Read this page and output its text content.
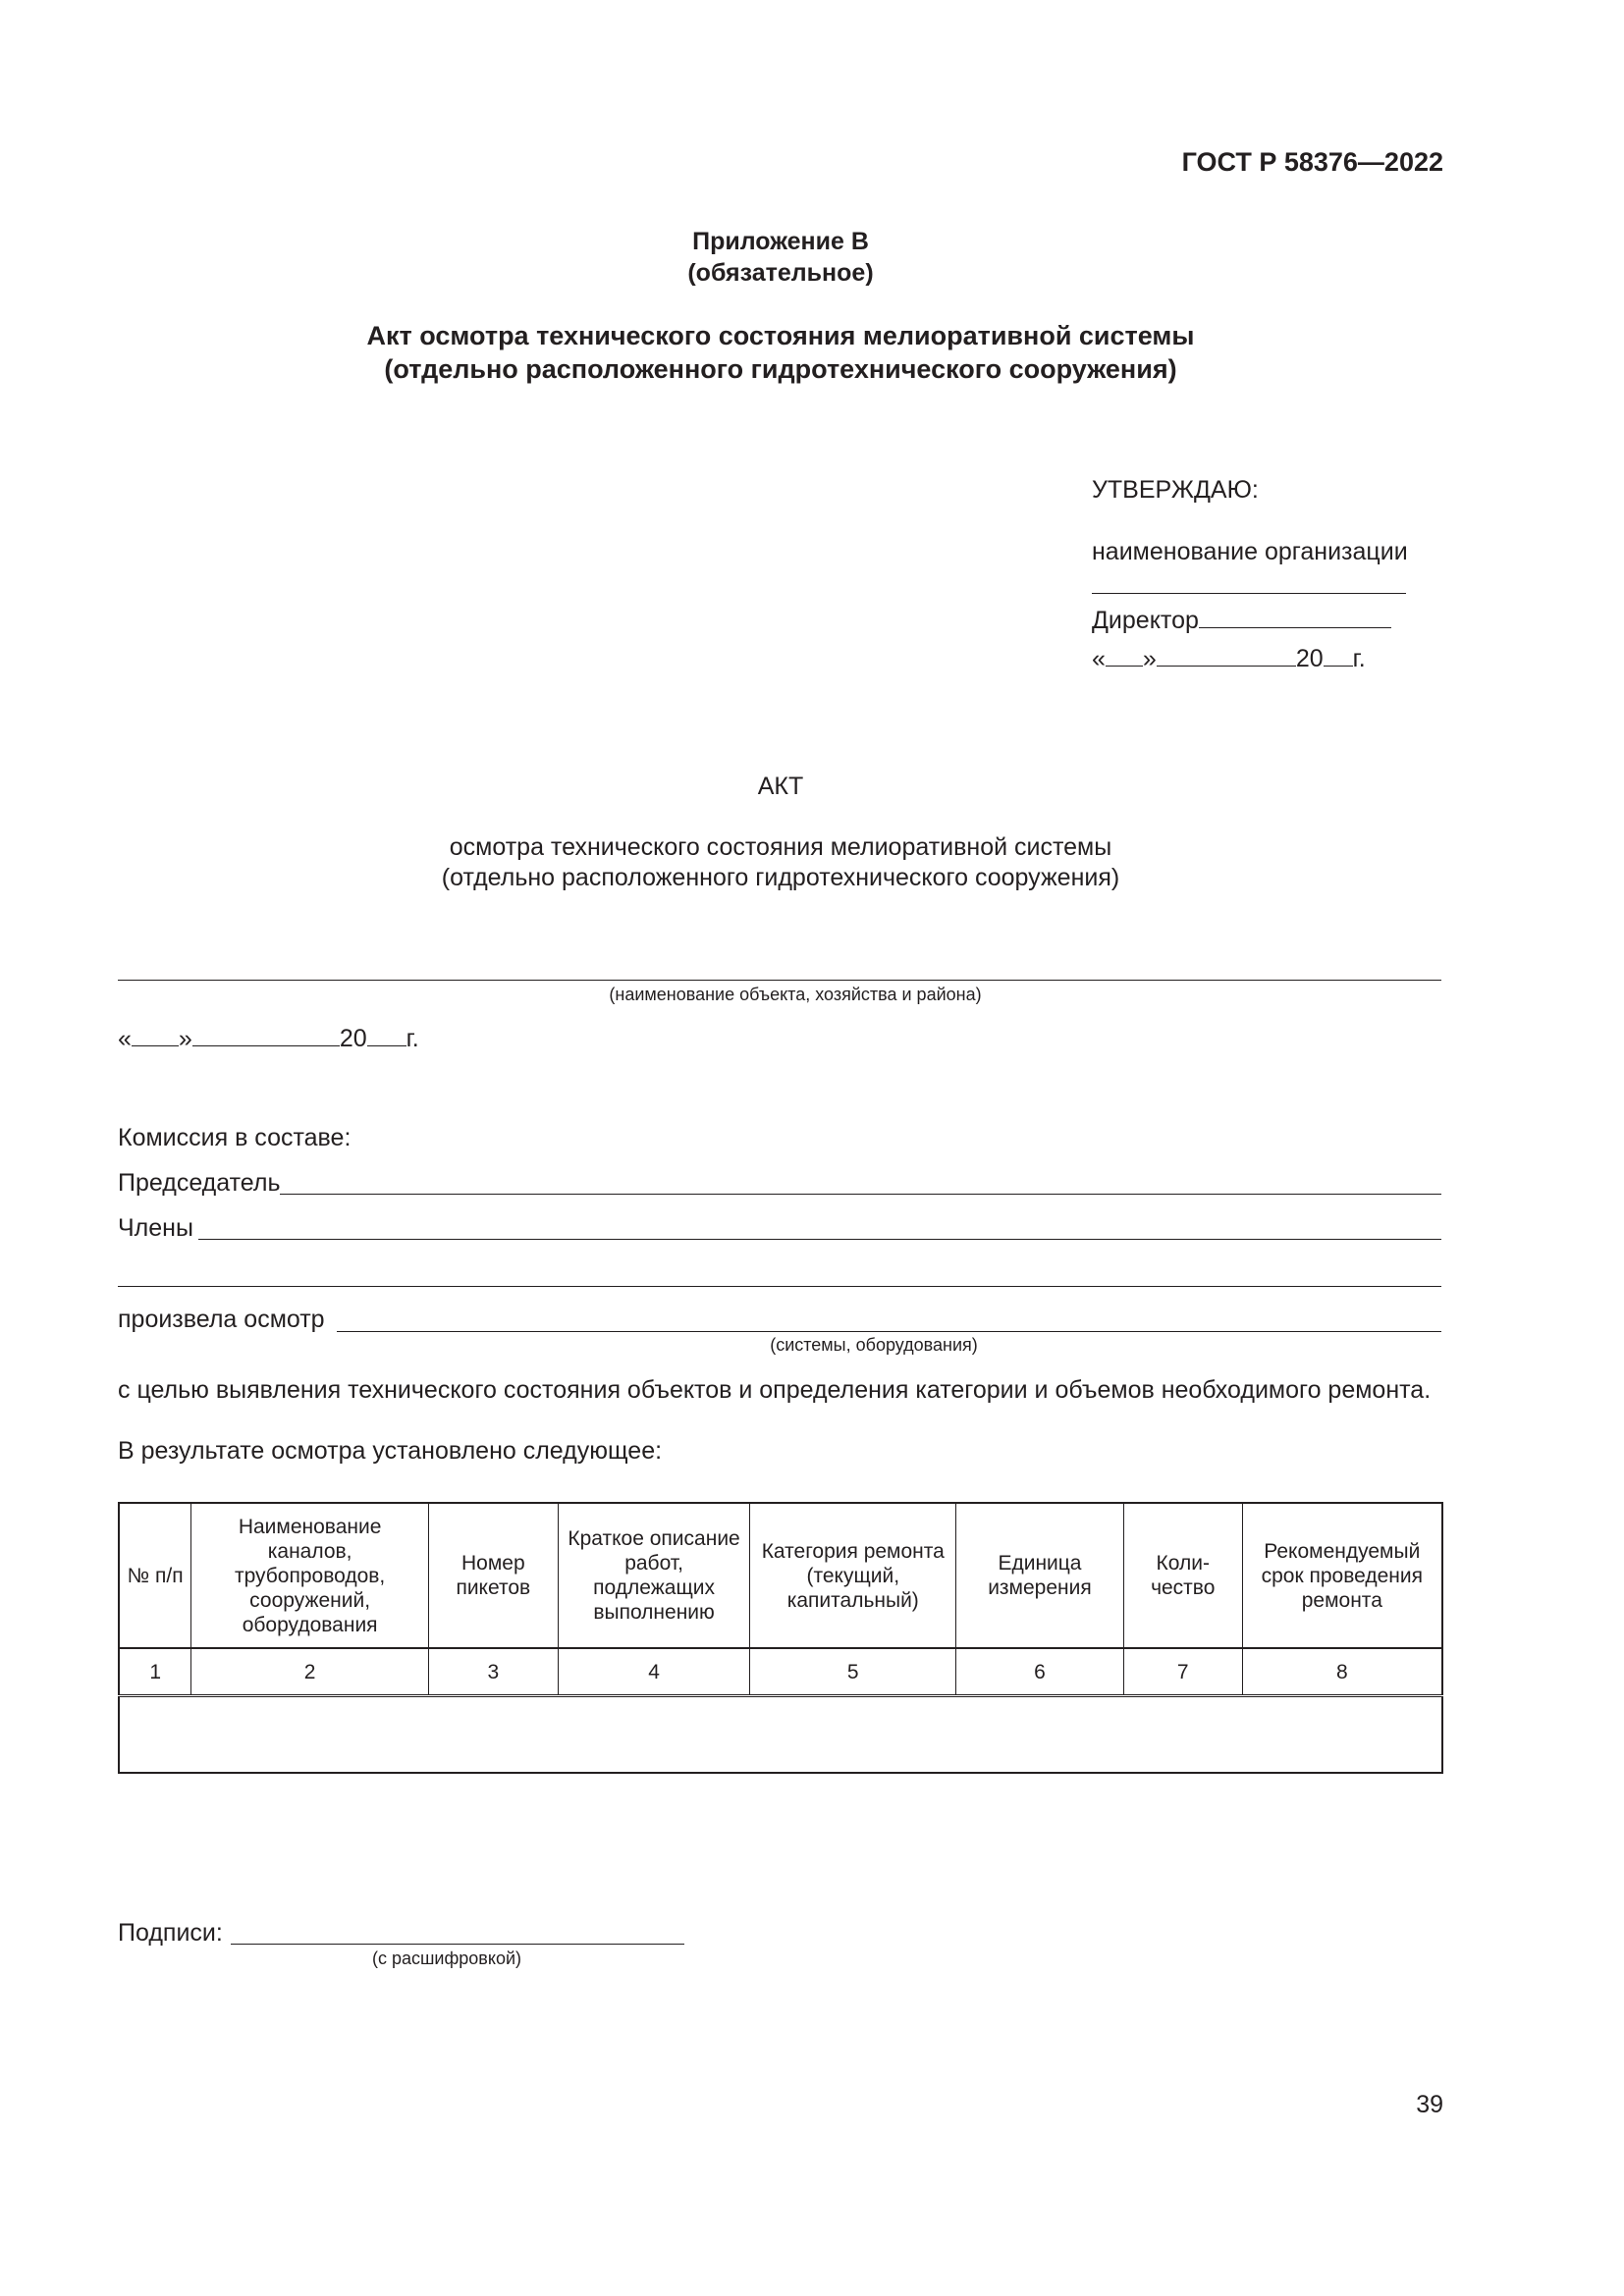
ГОСТ Р 58376—2022
Приложение В
(обязательное)
Акт осмотра технического состояния мелиоративной системы
(отдельно расположенного гидротехнического сооружения)
УТВЕРЖДАЮ:
наименование организации
Директор
« »	20 г.
АКТ
осмотра технического состояния мелиоративной системы
(отдельно расположенного гидротехнического сооружения)
(наименование объекта, хозяйства и района)
« »	20 г.
Комиссия в составе:
Председатель
Члены
произвела осмотр
(системы, оборудования)
с целью выявления технического состояния объектов и определения категории и объемов необходимого ремонта.
В результате осмотра установлено следующее:
№ п/п	Наименование каналов, трубопроводов, сооружений, оборудования	Номер пикетов	Краткое описание работ, подлежащих выполнению	Категория ремонта (текущий, капитальный)	Единица измерения	Коли- чество	Рекомендуемый срок проведения ремонта
1	2	3	4	5	6	7	8

Подписи:
(с расшифровкой)
39
